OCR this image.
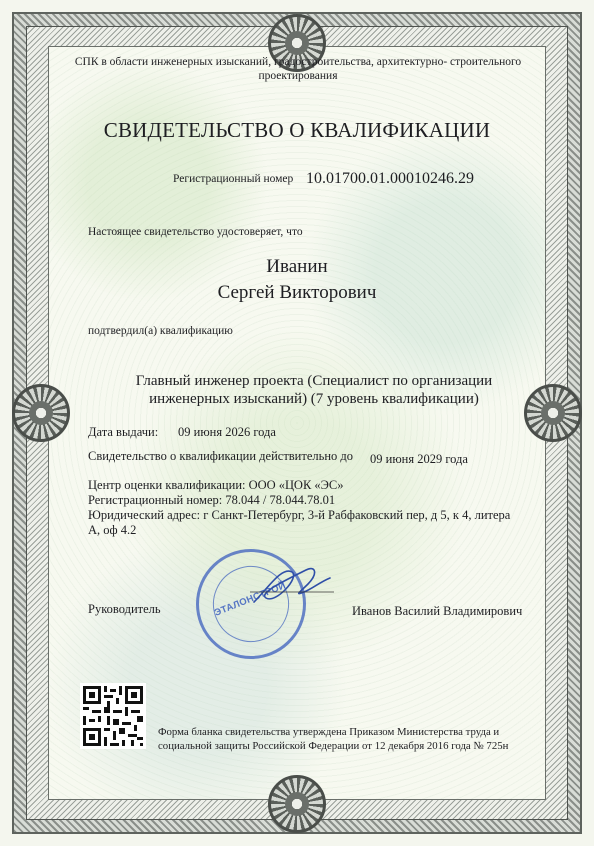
СПК в области инженерных изысканий, градостроительства, архитектурно- строительного проектирования

СВИДЕТЕЛЬСТВО О КВАЛИФИКАЦИИ

Регистрационный номер 10.01700.01.00010246.29

Настоящее свидетельство удостоверяет, что

Иванин

Сергей Викторович

подтвердил(а) квалификацию

Главный инженер проекта (Специалист по организации инженерных изысканий) (7 уровень квалификации)

Дата выдачи: 09 июня 2026 года
Свидетельство о квалификации действительно до 09 июня 2029 года

Центр оценки квалификации: ООО «ЦОК «ЭС»

Регистрационный номер: 78.044 / 78.044.78.01

Юридический адрес: г Санкт-Петербург, 3-й Рабфаковский пер, д 5, к 4, литера А, оф 4.2

Руководитель	Иванов Василий Владимирович
ЭТАЛОНСТРОЙ

Форма бланка свидетельства утверждена Приказом Министерства труда и социальной защиты Российской Федерации от 12 декабря 2016 года № 725н
